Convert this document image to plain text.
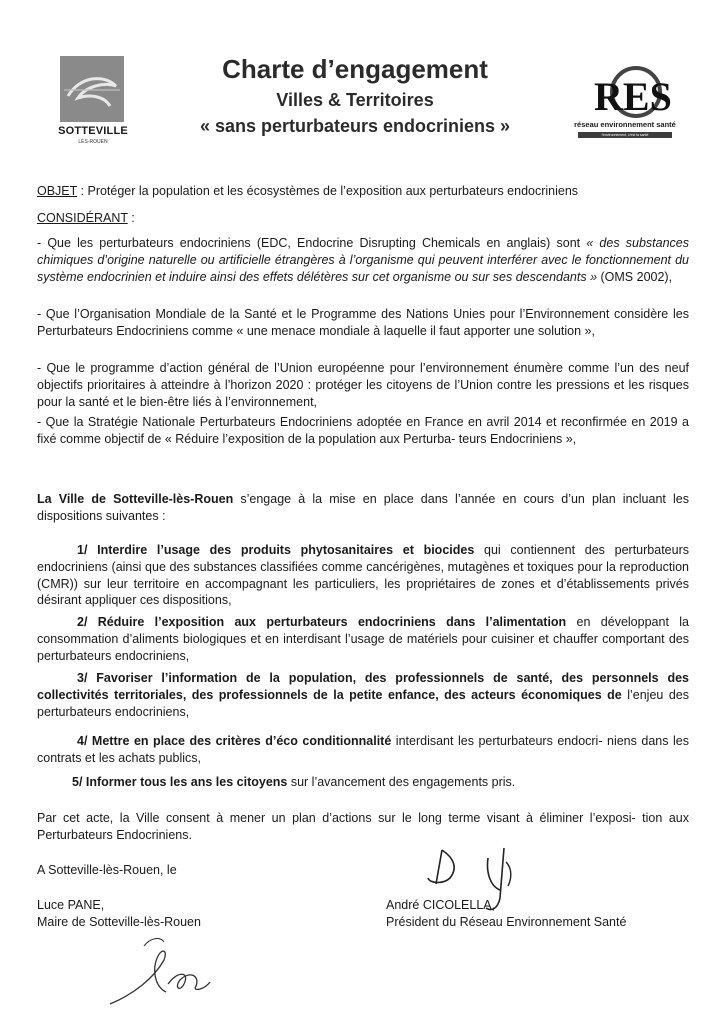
SOTTEVILLE
LÈS-ROUEN
Charte d’engagement
Villes & Territoires
« sans perturbateurs endocriniens »
RES
réseau environnement santé
l'environnement, c'est la santé
OBJET : Protéger la population et les écosystèmes de l’exposition aux perturbateurs endocriniens
CONSIDÉRANT :
- Que les perturbateurs endocriniens (EDC, Endocrine Disrupting Chemicals en anglais) sont « des substances chimiques d’origine naturelle ou artificielle étrangères à l’organisme qui peuvent interférer avec le fonctionnement du système endocrinien et induire ainsi des effets délétères sur cet organisme ou sur ses descendants » (OMS 2002),
- Que l’Organisation Mondiale de la Santé et le Programme des Nations Unies pour l’Environnement considère les Perturbateurs Endocriniens comme « une menace mondiale à laquelle il faut apporter une solution »,
- Que le programme d’action général de l’Union européenne pour l’environnement énumère comme l’un des neuf objectifs prioritaires à atteindre à l’horizon 2020 : protéger les citoyens de l’Union contre les pressions et les risques pour la santé et le bien-être liés à l’environnement,
- Que la Stratégie Nationale Perturbateurs Endocriniens adoptée en France en avril 2014 et reconfirmée en 2019 a fixé comme objectif de « Réduire l’exposition de la population aux Perturba- teurs Endocriniens »,
La Ville de Sotteville-lès-Rouen s’engage à la mise en place dans l’année en cours d’un plan incluant les dispositions suivantes :
1/ Interdire l’usage des produits phytosanitaires et biocides qui contiennent des perturbateurs endocriniens (ainsi que des substances classifiées comme cancérigènes, mutagènes et toxiques pour la reproduction (CMR)) sur leur territoire en accompagnant les particuliers, les propriétaires de zones et d’établissements privés désirant appliquer ces dispositions,
2/ Réduire l’exposition aux perturbateurs endocriniens dans l’alimentation en développant la consommation d’aliments biologiques et en interdisant l’usage de matériels pour cuisiner et chauffer comportant des perturbateurs endocriniens,
3/ Favoriser l’information de la population, des professionnels de santé, des personnels des collectivités territoriales, des professionnels de la petite enfance, des acteurs économiques de l’enjeu des perturbateurs endocriniens,
4/ Mettre en place des critères d’éco conditionnalité interdisant les perturbateurs endocri- niens dans les contrats et les achats publics,
5/ Informer tous les ans les citoyens sur l’avancement des engagements pris.
Par cet acte, la Ville consent à mener un plan d’actions sur le long terme visant à éliminer l’exposi- tion aux Perturbateurs Endocriniens.
A Sotteville-lès-Rouen, le
Luce PANE,
Maire de Sotteville-lès-Rouen
André CICOLELLA,
Président du Réseau Environnement Santé
